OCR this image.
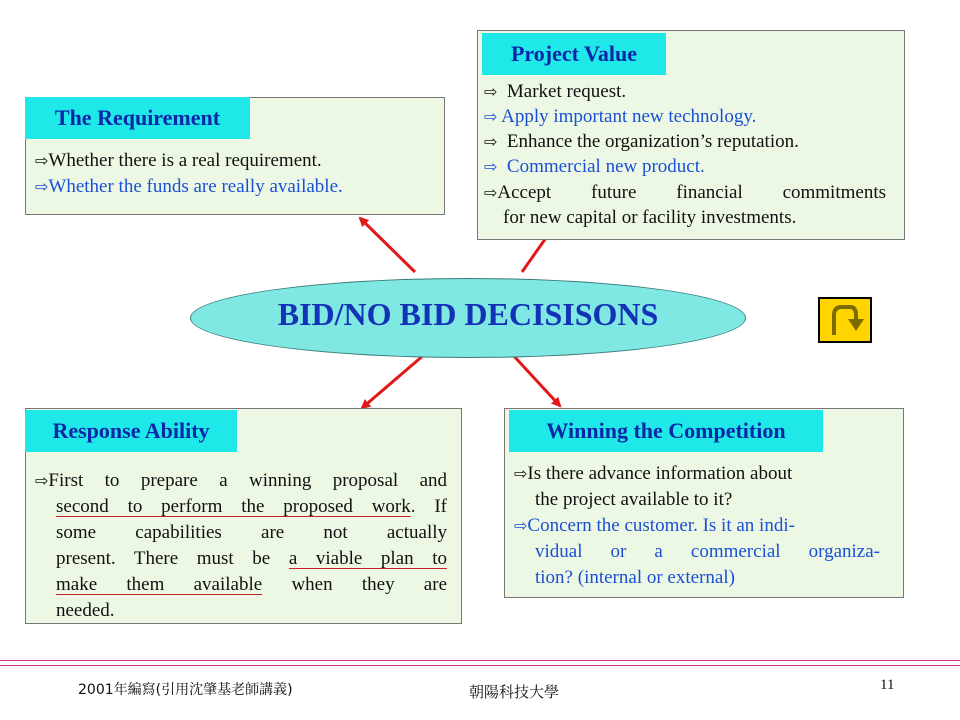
The Requirement
⇨Whether there is a real requirement.
⇨Whether the funds are really available.
Project Value
⇨ Market request.
⇨ Apply important new technology.
⇨ Enhance the organization’s reputation.
⇨ Commercial new product.
⇨Accept future financial commitments
for new capital or facility investments.
BID/NO BID DECISISONS
Response Ability
⇨First to prepare a winning proposal and
second to perform the proposed work. If
some capabilities are not actually
present. There must be a viable plan to
make them available when they are
needed.
Winning the Competition
⇨Is there advance information about
the project available to it?
⇨Concern the customer. Is it an indi-
vidual or a commercial organiza-
tion? (internal or external)
2001年編寫(引用沈肇基老師講義)	朝陽科技大學	11
